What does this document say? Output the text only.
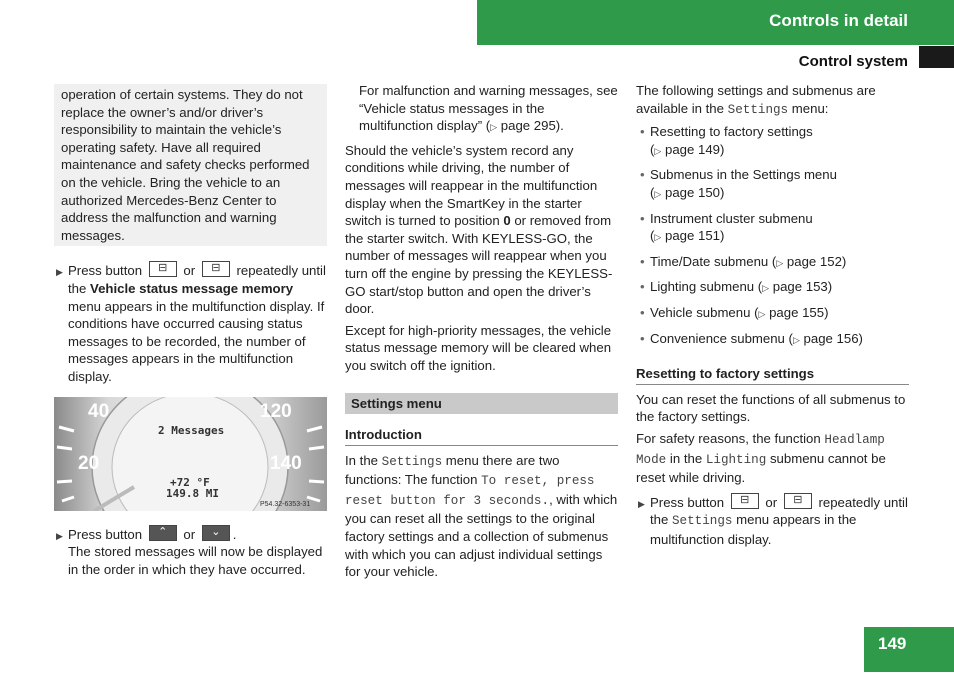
Controls in detail
Control system
operation of certain systems. They do not replace the owner’s and/or driver’s responsibility to maintain the vehicle’s operating safety. Have all required maintenance and safety checks performed on the vehicle. Bring the vehicle to an authorized Mercedes-Benz Center to address the malfunction and warning messages.
▶ Press button	⊟	or	⊟	repeatedly until the Vehicle status message memory menu appears in the multifunction display. If conditions have occurred causing status messages to be recorded, the number of messages appears in the multifunction display.
40	120
20	140
2 Messages
+72 °F
149.8 MI
P54.32-6353-31
▶ Press button	⌃	or	⌄ .
The stored messages will now be displayed in the order in which they have occurred.
For malfunction and warning messages, see “Vehicle status messages in the multifunction display” (▷ page 295).
Should the vehicle’s system record any conditions while driving, the number of messages will reappear in the multifunction display when the SmartKey in the starter switch is turned to position 0 or removed from the starter switch. With KEYLESS-GO, the number of messages will reappear when you turn off the engine by pressing the KEYLESS-GO start/stop button and open the driver’s door.
Except for high-priority messages, the vehicle status message memory will be cleared when you switch off the ignition.
Settings menu
Introduction
In the Settings menu there are two functions: The function To reset, press reset button for 3 seconds., with which you can reset all the settings to the original factory settings and a collection of submenus with which you can adjust individual settings for your vehicle.
The following settings and submenus are available in the Settings menu:
• Resetting to factory settings
(▷ page 149)
• Submenus in the Settings menu
(▷ page 150)
• Instrument cluster submenu
(▷ page 151)
• Time/Date submenu (▷ page 152)
• Lighting submenu (▷ page 153)
• Vehicle submenu (▷ page 155)
• Convenience submenu (▷ page 156)
Resetting to factory settings
You can reset the functions of all submenus to the factory settings.
For safety reasons, the function Headlamp Mode in the Lighting submenu cannot be reset while driving.
▶ Press button	⊟	or	⊟	repeatedly until the Settings menu appears in the multifunction display.
149
